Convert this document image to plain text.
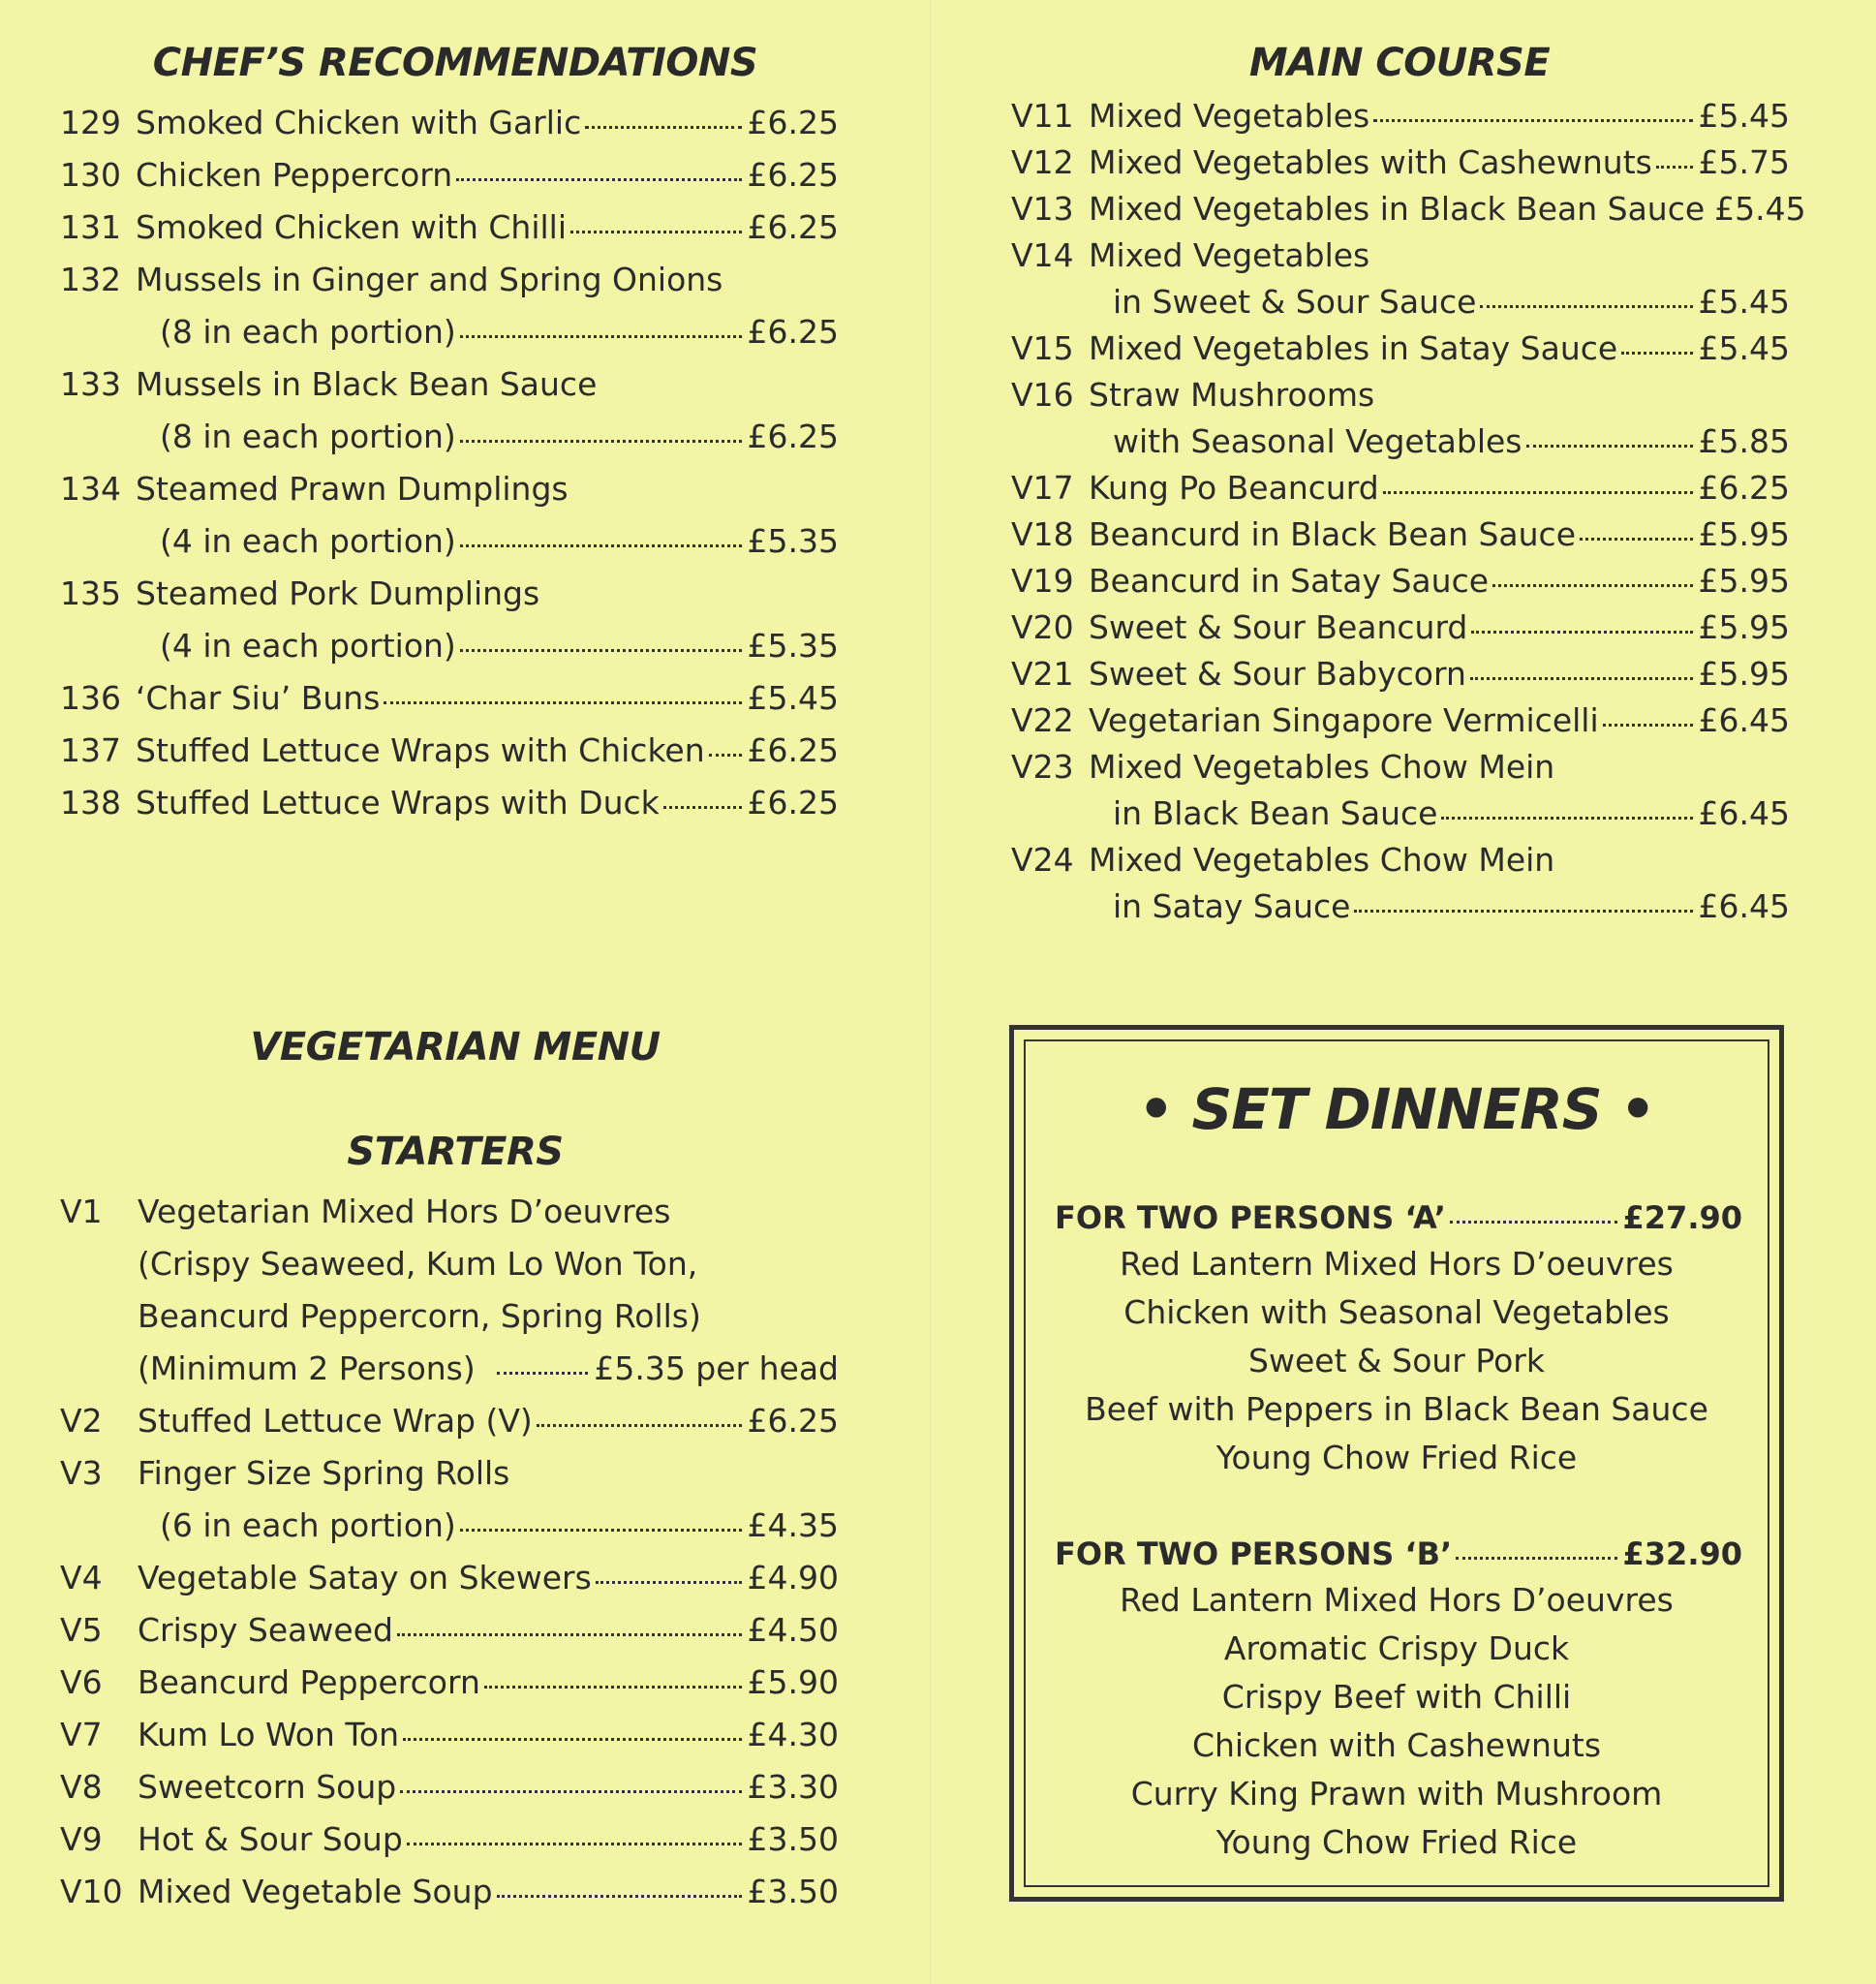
CHEF’S RECOMMENDATIONS
129 Smoked Chicken with Garlic	£6.25
130 Chicken Peppercorn	£6.25
131 Smoked Chicken with Chilli	£6.25
132 Mussels in Ginger and Spring Onions
(8 in each portion)	£6.25
133 Mussels in Black Bean Sauce
(8 in each portion)	£6.25
134 Steamed Prawn Dumplings
(4 in each portion)	£5.35
135 Steamed Pork Dumplings
(4 in each portion)	£5.35
136 ‘Char Siu’ Buns	£5.45
137 Stuffed Lettuce Wraps with Chicken £6.25
138 Stuffed Lettuce Wraps with Duck	£6.25
VEGETARIAN MENU
STARTERS
V1 Vegetarian Mixed Hors D’oeuvres
(Crispy Seaweed, Kum Lo Won Ton,
Beancurd Peppercorn, Spring Rolls)
(Minimum 2 Persons)	£5.35 per head
V2 Stuffed Lettuce Wrap (V)	£6.25
V3 Finger Size Spring Rolls
(6 in each portion)	£4.35
V4 Vegetable Satay on Skewers	£4.90
V5 Crispy Seaweed	£4.50
V6 Beancurd Peppercorn	£5.90
V7 Kum Lo Won Ton	£4.30
V8 Sweetcorn Soup	£3.30
V9 Hot & Sour Soup	£3.50
V10 Mixed Vegetable Soup	£3.50
MAIN COURSE
V11 Mixed Vegetables	£5.45
V12 Mixed Vegetables with Cashewnuts £5.75
V13 Mixed Vegetables in Black Bean Sauce £5.45
V14 Mixed Vegetables
in Sweet & Sour Sauce	£5.45
V15 Mixed Vegetables in Satay Sauce	£5.45
V16 Straw Mushrooms
with Seasonal Vegetables	£5.85
V17 Kung Po Beancurd	£6.25
V18 Beancurd in Black Bean Sauce	£5.95
V19 Beancurd in Satay Sauce	£5.95
V20 Sweet & Sour Beancurd	£5.95
V21 Sweet & Sour Babycorn	£5.95
V22 Vegetarian Singapore Vermicelli	£6.45
V23 Mixed Vegetables Chow Mein
in Black Bean Sauce	£6.45
V24 Mixed Vegetables Chow Mein
in Satay Sauce	£6.45
• SET DINNERS •
FOR TWO PERSONS ‘A’	£27.90
Red Lantern Mixed Hors D’oeuvres
Chicken with Seasonal Vegetables
Sweet & Sour Pork
Beef with Peppers in Black Bean Sauce
Young Chow Fried Rice
FOR TWO PERSONS ‘B’	£32.90
Red Lantern Mixed Hors D’oeuvres
Aromatic Crispy Duck
Crispy Beef with Chilli
Chicken with Cashewnuts
Curry King Prawn with Mushroom
Young Chow Fried Rice
